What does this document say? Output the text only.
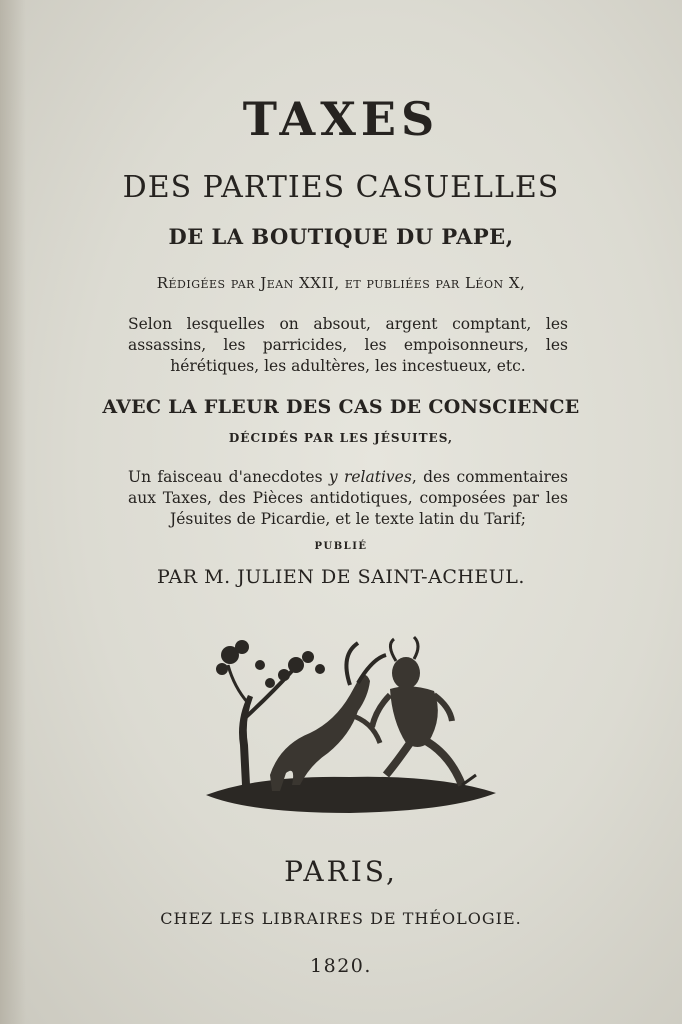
TAXES
DES PARTIES CASUELLES
DE LA BOUTIQUE DU PAPE,
Rédigées par Jean XXII, et publiées par Léon X,
Selon lesquelles on absout, argent comptant, les assassins, les parricides, les empoisonneurs, les hérétiques, les adultères, les incestueux, etc.
AVEC LA FLEUR DES CAS DE CONSCIENCE
DÉCIDÉS PAR LES JÉSUITES,
Un faisceau d'anecdotes y relatives, des commentaires aux Taxes, des Pièces antidotiques, composées par les Jésuites de Picardie, et le texte latin du Tarif;
PUBLIÉ
PAR M. JULIEN DE SAINT-ACHEUL.
PARIS,
CHEZ LES LIBRAIRES DE THÉOLOGIE.
1820.
